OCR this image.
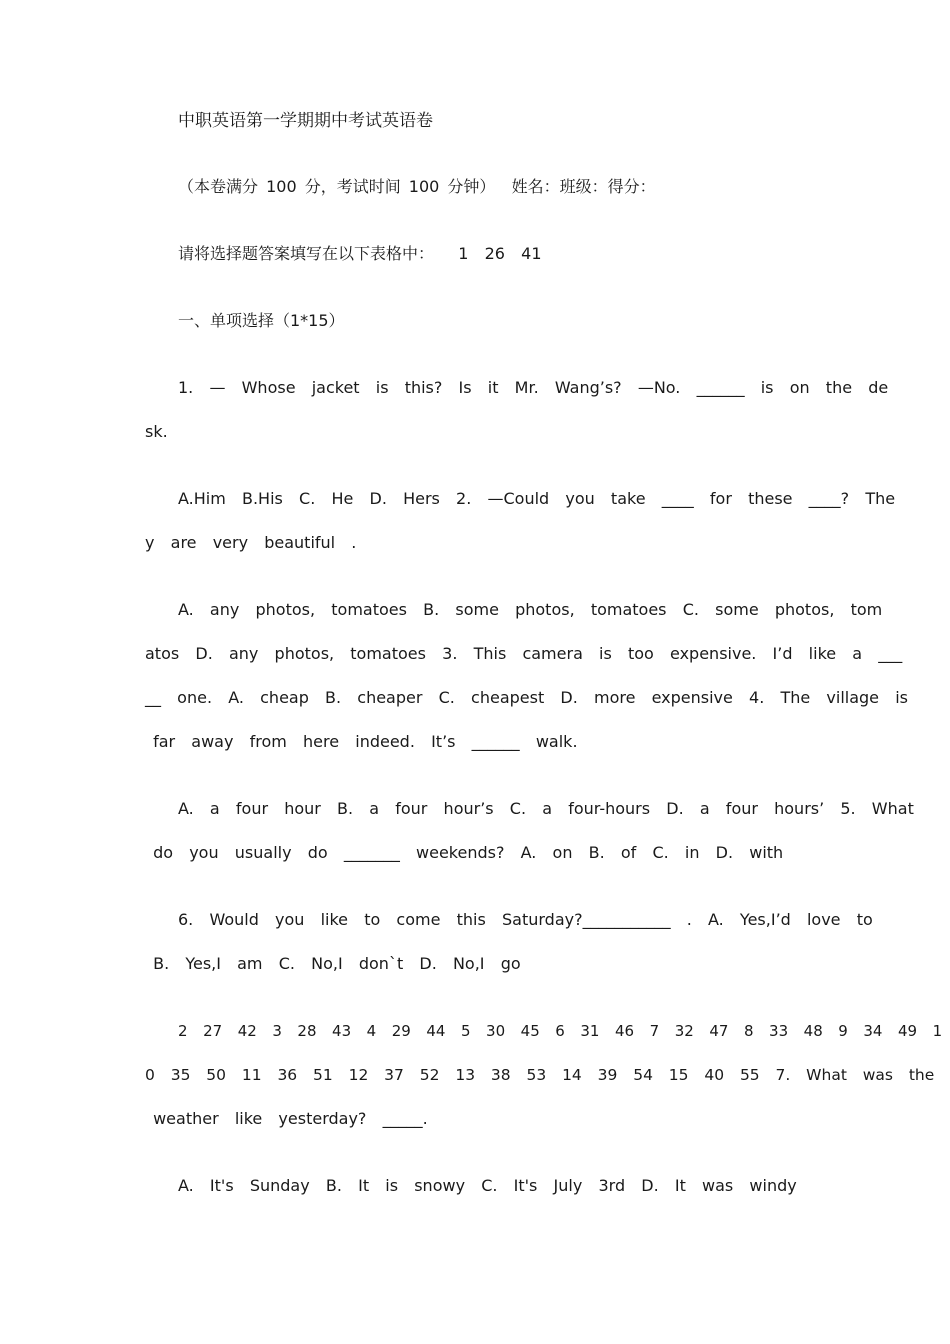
中职英语第一学期期中考试英语卷
（本卷满分 100 分，考试时间 100 分钟）  姓名：班级：得分：
请将选择题答案填写在以下表格中：   1  26  41
一、单项选择（1*15）
1.  —  Whose  jacket  is  this?  Is  it  Mr.  Wang’s?  —No.  ______  is  on  the  de
sk.
A.Him  B.His  C.  He  D.  Hers  2.  —Could  you  take  ____  for  these  ____?  The
y  are  very  beautiful  .
A.  any  photos,  tomatoes  B.  some  photos,  tomatoes  C.  some  photos,  tom
atos  D.  any  photos,  tomatoes  3.  This  camera  is  too  expensive.  I’d  like  a  ___
__  one.  A.  cheap  B.  cheaper  C.  cheapest  D.  more  expensive  4.  The  village  is
far  away  from  here  indeed.  It’s  ______  walk.
A.  a  four  hour  B.  a  four  hour’s  C.  a  four-hours  D.  a  four  hours’  5.  What
do  you  usually  do  _______  weekends?  A.  on  B.  of  C.  in  D.  with
6.  Would  you  like  to  come  this  Saturday?___________  .  A.  Yes,I’d  love  to
B.  Yes,I  am  C.  No,I  don`t  D.  No,I  go
2  27  42  3  28  43  4  29  44  5  30  45  6  31  46  7  32  47  8  33  48  9  34  49  1
0  35  50  11  36  51  12  37  52  13  38  53  14  39  54  15  40  55  7.  What  was  the
weather  like  yesterday?  _____.
A.  It's  Sunday  B.  It  is  snowy  C.  It's  July  3rd  D.  It  was  windy
